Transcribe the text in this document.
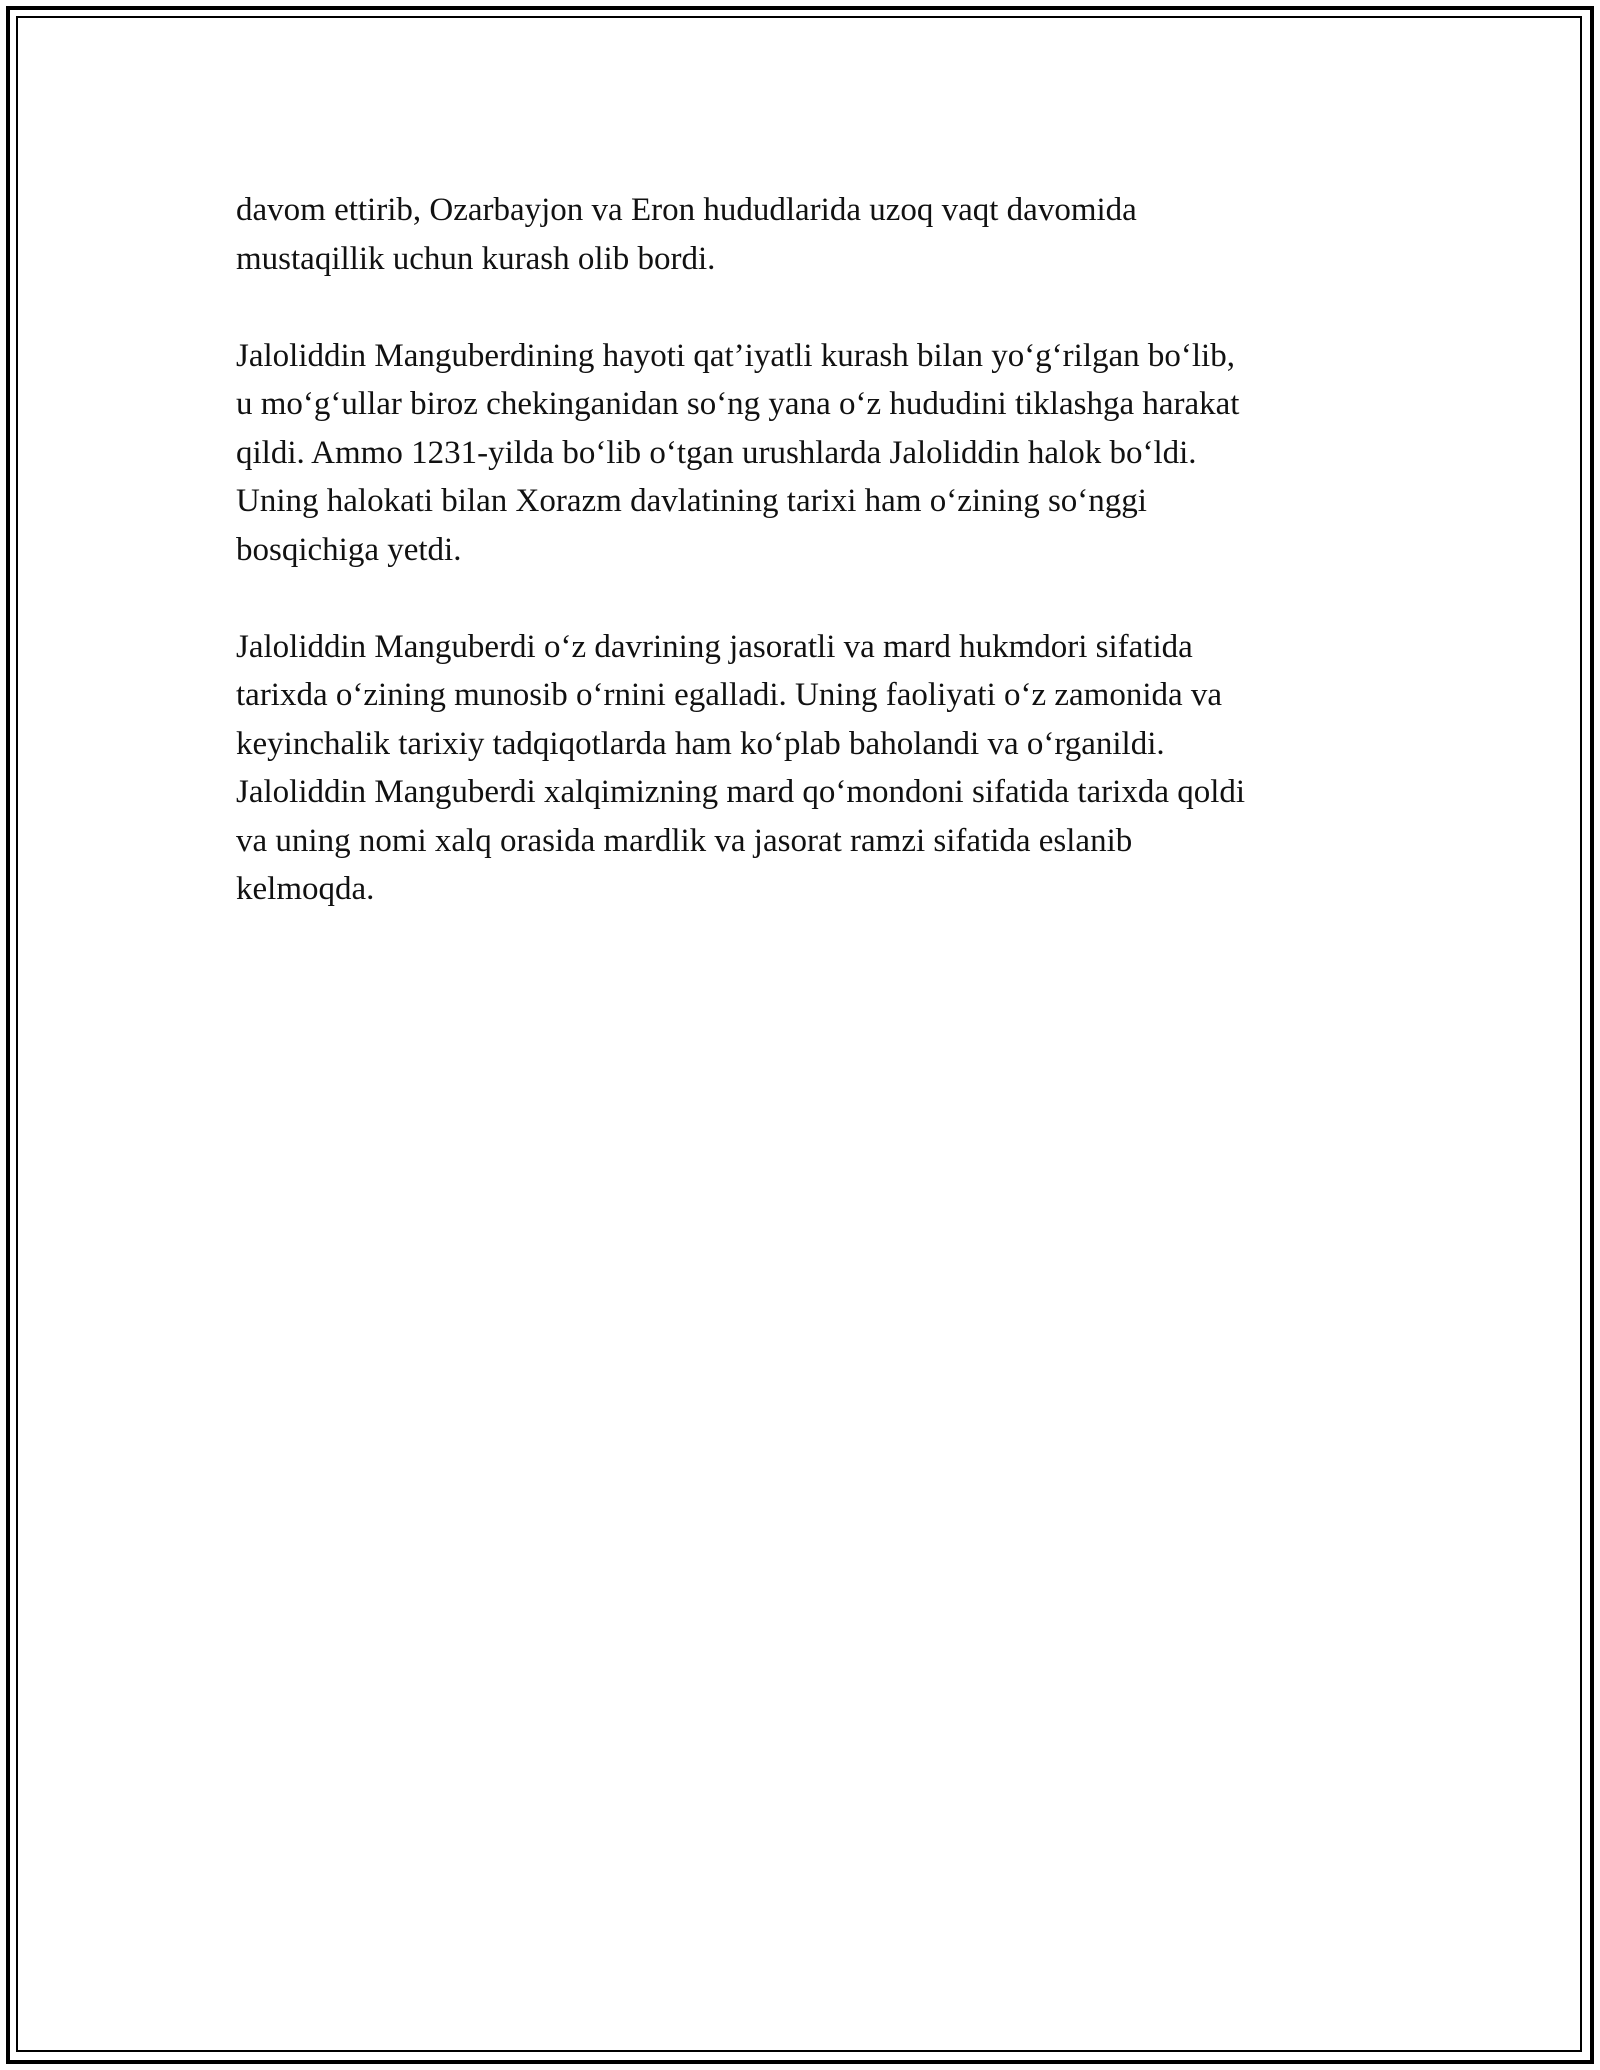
davom ettirib, Ozarbayjon va Eron hududlarida uzoq vaqt davomida
mustaqillik uchun kurash olib bordi.

Jaloliddin Manguberdining hayoti qat’iyatli kurash bilan yo‘g‘rilgan bo‘lib,
u mo‘g‘ullar biroz chekinganidan so‘ng yana o‘z hududini tiklashga harakat
qildi. Ammo 1231-yilda bo‘lib o‘tgan urushlarda Jaloliddin halok bo‘ldi.
Uning halokati bilan Xorazm davlatining tarixi ham o‘zining so‘nggi
bosqichiga yetdi.

Jaloliddin Manguberdi o‘z davrining jasoratli va mard hukmdori sifatida
tarixda o‘zining munosib o‘rnini egalladi. Uning faoliyati o‘z zamonida va
keyinchalik tarixiy tadqiqotlarda ham ko‘plab baholandi va o‘rganildi.
Jaloliddin Manguberdi xalqimizning mard qo‘mondoni sifatida tarixda qoldi
va uning nomi xalq orasida mardlik va jasorat ramzi sifatida eslanib
kelmoqda.
